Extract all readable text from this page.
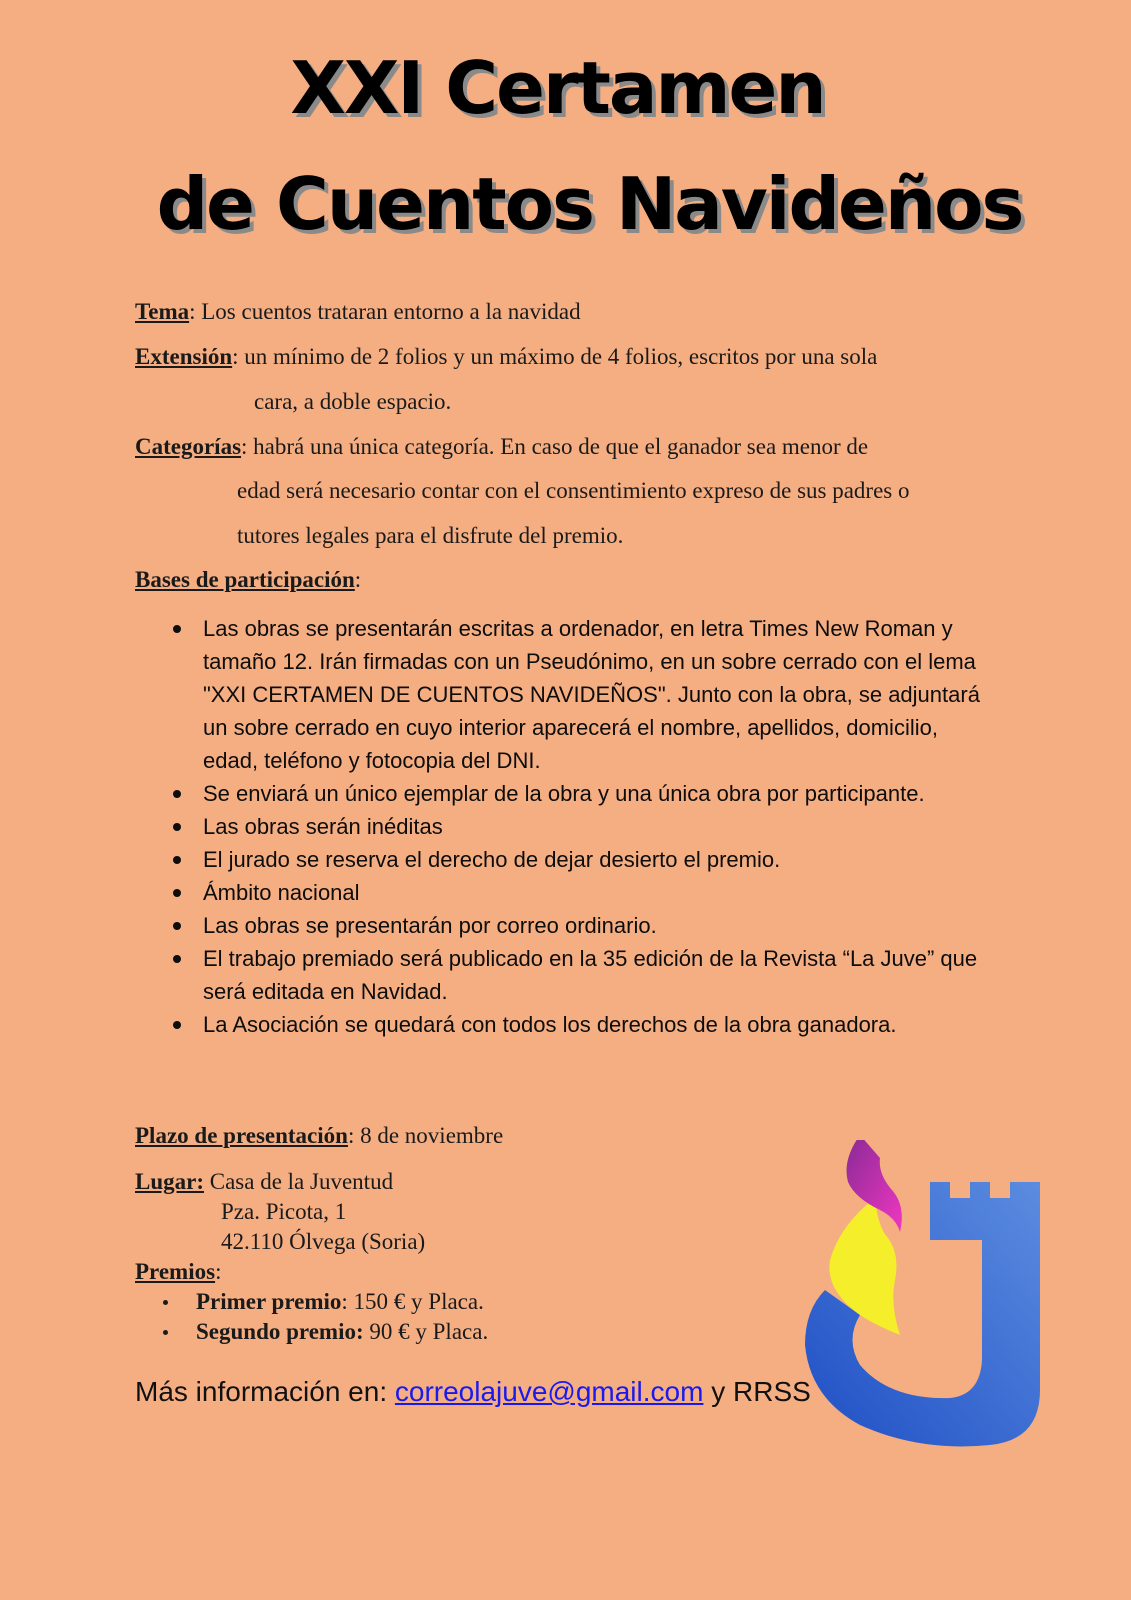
XXI Certamen
de Cuentos Navideños
Tema: Los cuentos trataran entorno a la navidad
Extensión: un mínimo de 2 folios y un máximo de 4 folios, escritos por una sola
cara, a doble espacio.
Categorías: habrá una única categoría. En caso de que el ganador sea menor de
edad será necesario contar con el consentimiento expreso de sus padres o
tutores legales para el disfrute del premio.
Bases de participación:
Las obras se presentarán escritas a ordenador, en letra Times New Roman y tamaño 12. Irán firmadas con un Pseudónimo, en un sobre cerrado con el lema "XXI CERTAMEN DE CUENTOS NAVIDEÑOS". Junto con la obra, se adjuntará un sobre cerrado en cuyo interior aparecerá el nombre, apellidos, domicilio, edad, teléfono y fotocopia del DNI.
Se enviará un único ejemplar de la obra y una única obra por participante.
Las obras serán inéditas
El jurado se reserva el derecho de dejar desierto el premio.
Ámbito nacional
Las obras se presentarán por correo ordinario.
El trabajo premiado será publicado en la 35 edición de la Revista “La Juve” que será editada en Navidad.
La Asociación se quedará con todos los derechos de la obra ganadora.
Plazo de presentación: 8 de noviembre
Lugar: Casa de la Juventud
Pza. Picota, 1
42.110 Ólvega (Soria)
Premios:
Primer premio: 150 € y Placa.
Segundo premio: 90 € y Placa.
Más información en: correolajuve@gmail.com y RRSS
